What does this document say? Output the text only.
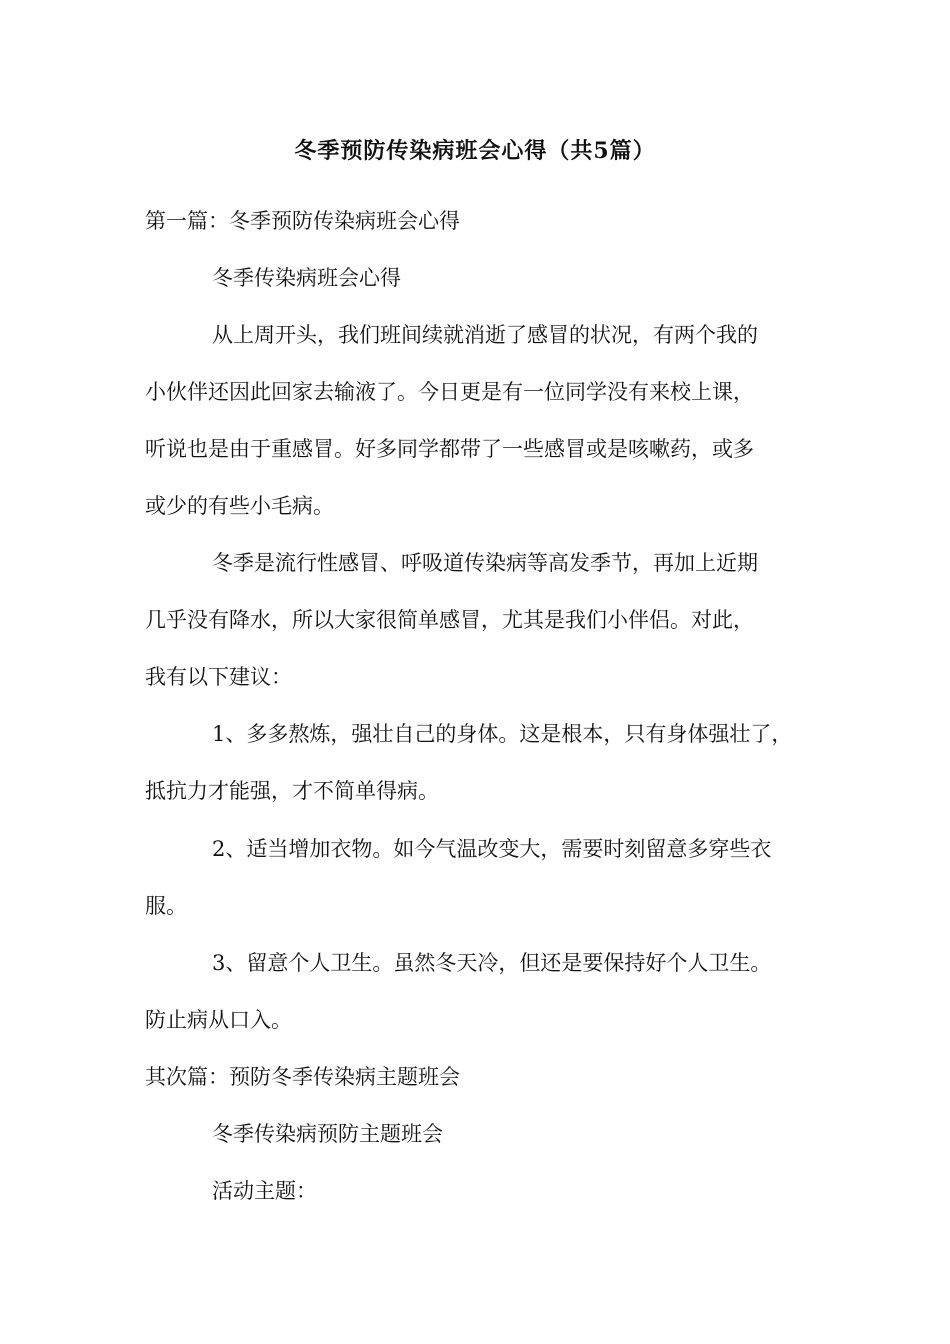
冬季预防传染病班会心得（共5篇）
第一篇：冬季预防传染病班会心得
冬季传染病班会心得
从上周开头，我们班间续就消逝了感冒的状况，有两个我的
小伙伴还因此回家去输液了。今日更是有一位同学没有来校上课，
听说也是由于重感冒。好多同学都带了一些感冒或是咳嗽药，或多
或少的有些小毛病。
冬季是流行性感冒、呼吸道传染病等高发季节，再加上近期
几乎没有降水，所以大家很简单感冒，尤其是我们小伴侣。对此，
我有以下建议：
1、多多熬炼，强壮自己的身体。这是根本，只有身体强壮了，
抵抗力才能强，才不简单得病。
2、适当增加衣物。如今气温改变大，需要时刻留意多穿些衣
服。
3、留意个人卫生。虽然冬天冷，但还是要保持好个人卫生。
防止病从口入。
其次篇：预防冬季传染病主题班会
冬季传染病预防主题班会
活动主题：
